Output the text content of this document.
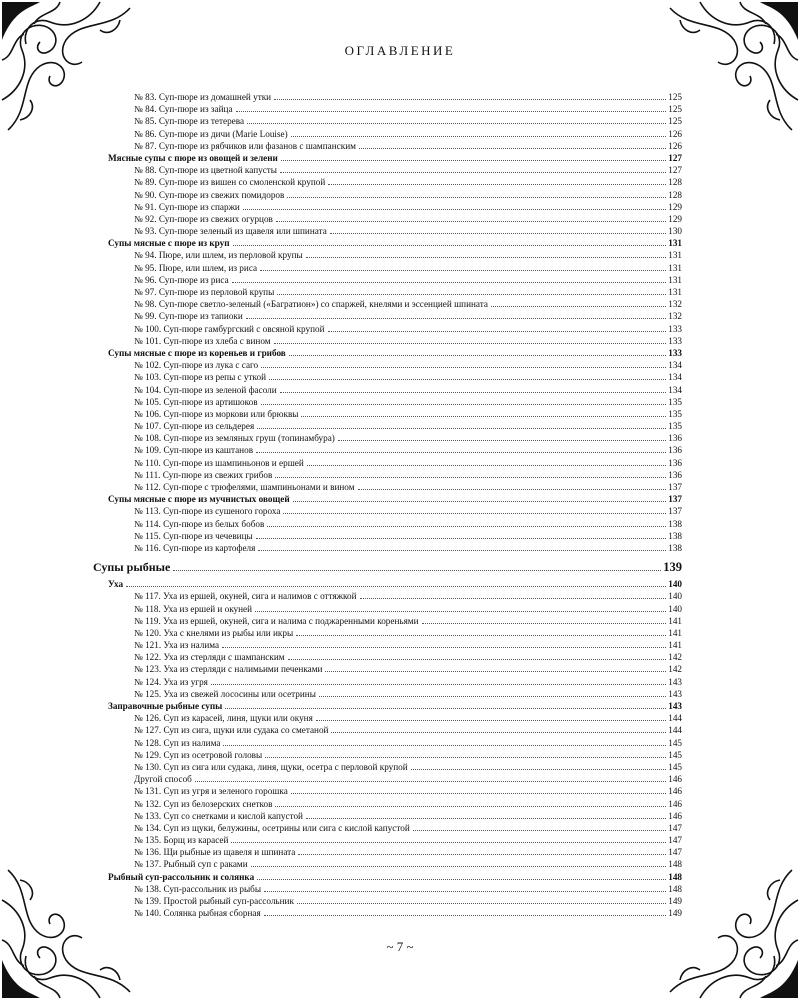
ОГЛАВЛЕНИЕ
№ 83. Суп-пюре из домашней утки	125
№ 84. Суп-пюре из зайца	125
№ 85. Суп-пюре из тетерева	125
№ 86. Суп-пюре из дичи (Marie Louise)	126
№ 87. Суп-пюре из рябчиков или фазанов с шампанским	126
Мясные супы с пюре из овощей и зелени	127
№ 88. Суп-пюре из цветной капусты	127
№ 89. Суп-пюре из вишен со смоленской крупой	128
№ 90. Суп-пюре из свежих помидоров	128
№ 91. Суп-пюре из спаржи	129
№ 92. Суп-пюре из свежих огурцов	129
№ 93. Суп-пюре зеленый из щавеля или шпината	130
Супы мясные с пюре из круп	131
№ 94. Пюре, или шлем, из перловой крупы	131
№ 95. Пюре, или шлем, из риса	131
№ 96. Суп-пюре из риса	131
№ 97. Суп-пюре из перловой крупы	131
№ 98. Суп-пюре светло-зеленый («Багратион») со спаржей, кнелями и эссенцией шпината	132
№ 99. Суп-пюре из тапиоки	132
№ 100. Суп-пюре гамбургский с овсяной крупой	133
№ 101. Суп-пюре из хлеба с вином	133
Супы мясные с пюре из кореньев и грибов	133
№ 102. Суп-пюре из лука с саго	134
№ 103. Суп-пюре из репы с уткой	134
№ 104. Суп-пюре из зеленой фасоли	134
№ 105. Суп-пюре из артишоков	135
№ 106. Суп-пюре из моркови или брюквы	135
№ 107. Суп-пюре из сельдерея	135
№ 108. Суп-пюре из земляных груш (топинамбура)	136
№ 109. Суп-пюре из каштанов	136
№ 110. Суп-пюре из шампиньонов и ершей	136
№ 111. Суп-пюре из свежих грибов	136
№ 112. Суп-пюре с трюфелями, шампиньонами и вином	137
Супы мясные с пюре из мучнистых овощей	137
№ 113. Суп-пюре из сушеного гороха	137
№ 114. Суп-пюре из белых бобов	138
№ 115. Суп-пюре из чечевицы	138
№ 116. Суп-пюре из картофеля	138
Супы рыбные	139
Уха	140
№ 117. Уха из ершей, окуней, сига и налимов с оттяжкой	140
№ 118. Уха из ершей и окуней	140
№ 119. Уха из ершей, окуней, сига и налима с поджаренными кореньями	141
№ 120. Уха с кнелями из рыбы или икры	141
№ 121. Уха из налима	141
№ 122. Уха из стерляди с шампанским	142
№ 123. Уха из стерляди с налимьими печенками	142
№ 124. Уха из угря	143
№ 125. Уха из свежей лососины или осетрины	143
Заправочные рыбные супы	143
№ 126. Суп из карасей, линя, щуки или окуня	144
№ 127. Суп из сига, щуки или судака со сметаной	144
№ 128. Суп из налима	145
№ 129. Суп из осетровой головы	145
№ 130. Суп из сига или судака, линя, щуки, осетра с перловой крупой	145
Другой способ	146
№ 131. Суп из угря и зеленого горошка	146
№ 132. Суп из белозерских снетков	146
№ 133. Суп со снетками и кислой капустой	146
№ 134. Суп из щуки, белужины, осетрины или сига с кислой капустой	147
№ 135. Борщ из карасей	147
№ 136. Щи рыбные из щавеля и шпината	147
№ 137. Рыбный суп с раками	148
Рыбный суп-рассольник и солянка	148
№ 138. Суп-рассольник из рыбы	148
№ 139. Простой рыбный суп-рассольник	149
№ 140. Солянка рыбная сборная	149
~ 7 ~
